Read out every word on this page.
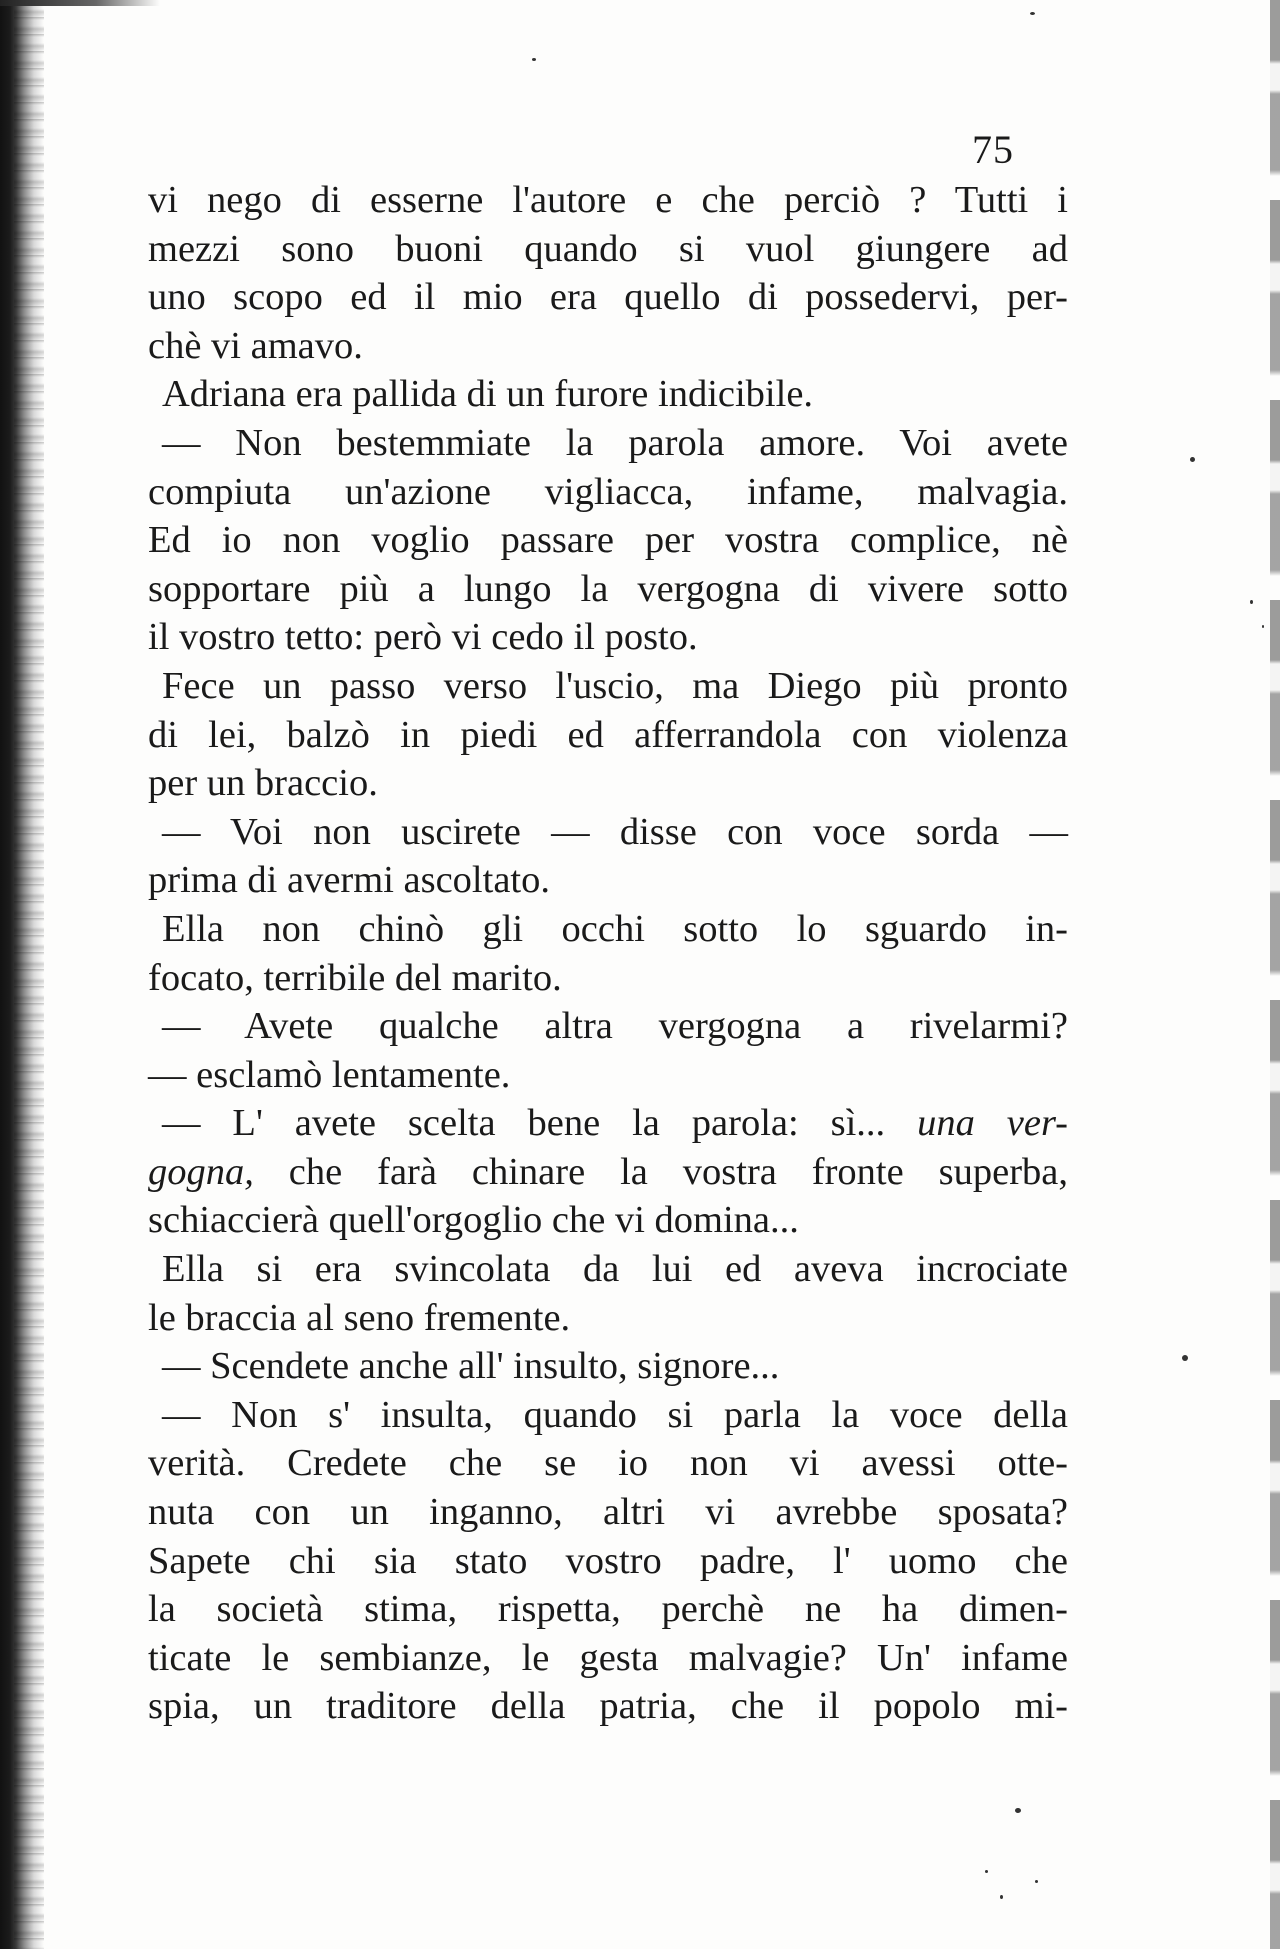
75
vi nego di esserne l'autore e che perciò ? Tutti i
mezzi sono buoni quando si vuol giungere ad
uno scopo ed il mio era quello di possedervi, per-
chè vi amavo.
Adriana era pallida di un furore indicibile.
— Non bestemmiate la parola amore. Voi avete
compiuta un'azione vigliacca, infame, malvagia.
Ed io non voglio passare per vostra complice, nè
sopportare più a lungo la vergogna di vivere sotto
il vostro tetto: però vi cedo il posto.
Fece un passo verso l'uscio, ma Diego più pronto
di lei, balzò in piedi ed afferrandola con violenza
per un braccio.
— Voi non uscirete — disse con voce sorda —
prima di avermi ascoltato.
Ella non chinò gli occhi sotto lo sguardo in-
focato, terribile del marito.
— Avete qualche altra vergogna a rivelarmi?
— esclamò lentamente.
— L' avete scelta bene la parola: sì... una ver-
gogna, che farà chinare la vostra fronte superba,
schiaccierà quell'orgoglio che vi domina...
Ella si era svincolata da lui ed aveva incrociate
le braccia al seno fremente.
— Scendete anche all' insulto, signore...
— Non s' insulta, quando si parla la voce della
verità. Credete che se io non vi avessi otte-
nuta con un inganno, altri vi avrebbe sposata?
Sapete chi sia stato vostro padre, l' uomo che
la società stima, rispetta, perchè ne ha dimen-
ticate le sembianze, le gesta malvagie? Un' infame
spia, un traditore della patria, che il popolo mi-
